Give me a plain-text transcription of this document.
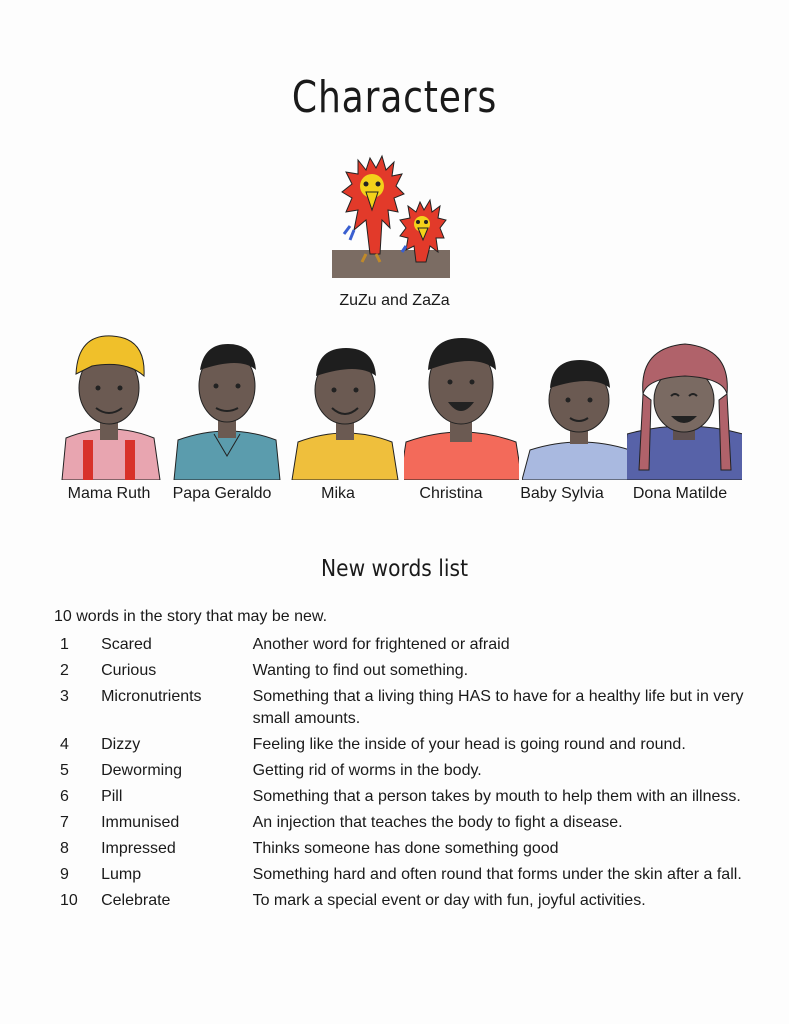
Characters
ZuZu and ZaZa
Mama Ruth	Papa Geraldo	Mika	Christina	Baby Sylvia	Dona Matilde
New words list
10 words in the story that may be new.
1	Scared	Another word for frightened or afraid
2	Curious	Wanting to find out something.
3	Micronutrients	Something that a living thing HAS to have for a healthy life but in very small amounts.
4	Dizzy	Feeling like the inside of your head is going round and round.
5	Deworming	Getting rid of worms in the body.
6	Pill	Something that a person takes by mouth to help them with an illness.
7	Immunised	An injection that teaches the body to fight a disease.
8	Impressed	Thinks someone has done something good
9	Lump	Something hard and often round that forms under the skin after a fall.
10	Celebrate	To mark a special event or day with fun, joyful activities.
